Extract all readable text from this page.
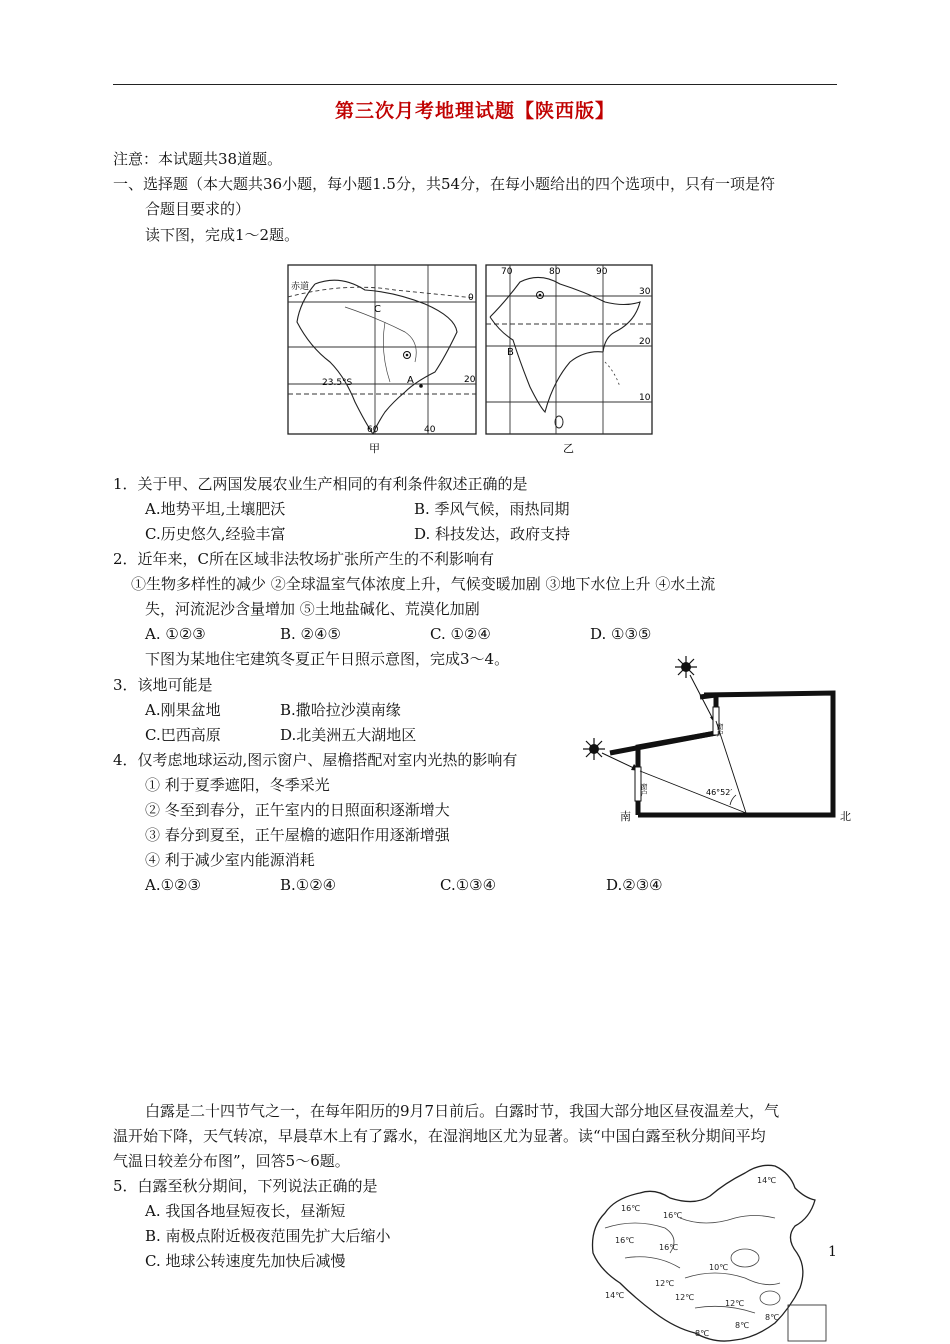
第三次月考地理试题【陕西版】
注意：本试题共38道题。
一、选择题（本大题共36小题，每小题1.5分，共54分，在每小题给出的四个选项中，只有一项是符
合题目要求的）
读下图，完成1～2题。
赤道
0
20
23.5°S
60	40
C
A
甲
70	80	90
30
20
10
B
乙
1．关于甲、乙两国发展农业生产相同的有利条件叙述正确的是
A.地势平坦,土壤肥沃	B. 季风气候，雨热同期
C.历史悠久,经验丰富	D. 科技发达，政府支持
2．近年来，C所在区域非法牧场扩张所产生的不利影响有
①生物多样性的减少 ②全球温室气体浓度上升，气候变暖加剧 ③地下水位上升 ④水土流
失，河流泥沙含量增加 ⑤土地盐碱化、荒漠化加剧
A. ①②③	B. ②④⑤	C. ①②④	D. ①③⑤
下图为某地住宅建筑冬夏正午日照示意图，完成3～4。
3．该地可能是
A.刚果盆地	B.撒哈拉沙漠南缘
C.巴西高原	D.北美洲五大湖地区
4．仅考虑地球运动,图示窗户、屋檐搭配对室内光热的影响有
① 利于夏季遮阳，冬季采光
② 冬至到春分，正午室内的日照面积逐渐增大
③ 春分到夏至，正午屋檐的遮阳作用逐渐增强
④ 利于减少室内能源消耗
A.①②③	B.①②④	C.①③④	D.②③④
46°52′
窗户
窗户
南	北
白露是二十四节气之一，在每年阳历的9月7日前后。白露时节，我国大部分地区昼夜温差大，气
温开始下降，天气转凉，早晨草木上有了露水，在湿润地区尤为显著。读“中国白露至秋分期间平均
气温日较差分布图”，回答5～6题。
5．白露至秋分期间，下列说法正确的是
A. 我国各地昼短夜长，昼渐短
B. 南极点附近极夜范围先扩大后缩小
C. 地球公转速度先加快后减慢
16℃
16℃
14℃
16℃
16℃
10℃
12℃
12℃
14℃
12℃
8℃
8℃
8℃
1
